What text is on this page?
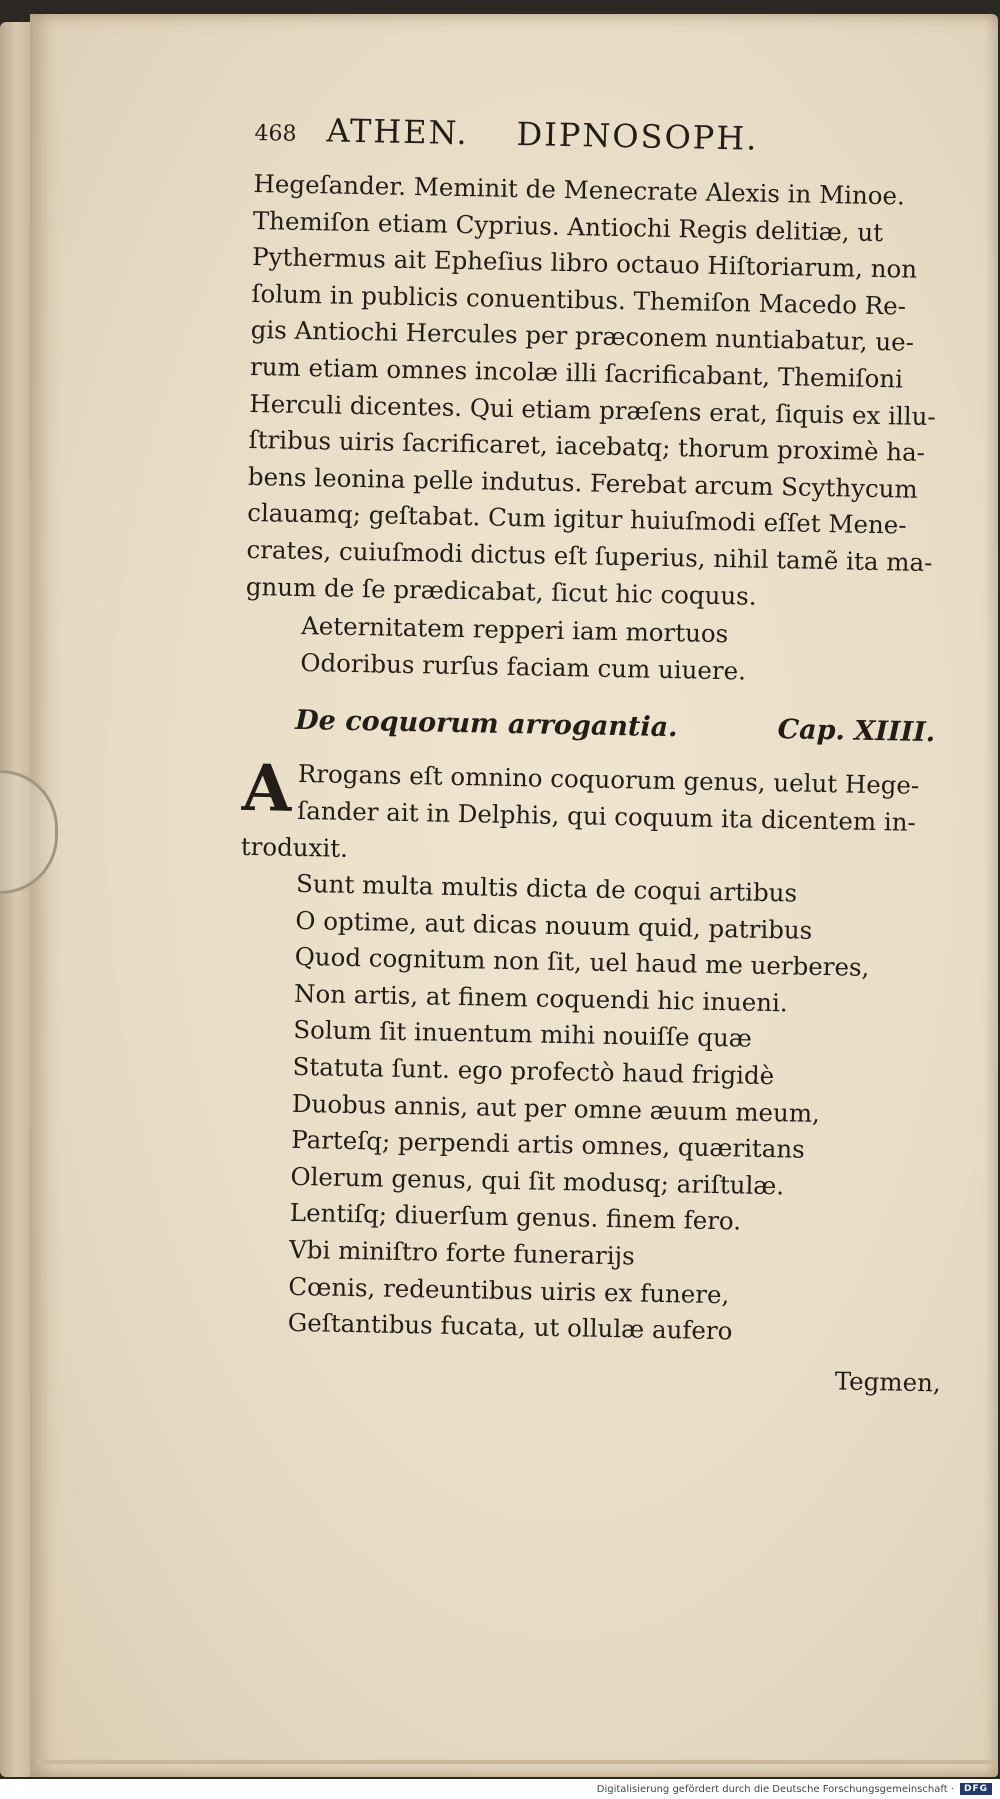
468 ATHEN.	DIPNOSOPH.

Hegeſander. Meminit de Menecrate Alexis in Minoe.

Themiſon etiam Cyprius. Antiochi Regis delitiæ, ut

Pythermus ait Epheſius libro octauo Hiſtoriarum, non

ſolum in publicis conuentibus. Themiſon Macedo Re-

gis Antiochi Hercules per præconem nuntiabatur, ue-

rum etiam omnes incolæ illi ſacrificabant, Themiſoni

Herculi dicentes. Qui etiam præſens erat, ſiquis ex illu-

ſtribus uiris ſacrificaret, iacebatq; thorum proximè ha-

bens leonina pelle indutus. Ferebat arcum Scythycum

clauamq; geſtabat. Cum igitur huiuſmodi eſſet Mene-

crates, cuiuſmodi dictus eſt ſuperius, nihil tamẽ ita ma-

gnum de ſe prædicabat, ſicut hic coquus.

Aeternitatem repperi iam mortuos

Odoribus rurſus faciam cum uiuere.

De coquorum arrogantia.	Cap. XIIII.
A Rrogans eſt omnino coquorum genus, uelut Hege-

ſander ait in Delphis, qui coquum ita dicentem in-

troduxit.

Sunt multa multis dicta de coqui artibus

O optime, aut dicas nouum quid, patribus

Quod cognitum non ſit, uel haud me uerberes,

Non artis, at finem coquendi hic inueni.

Solum ſit inuentum mihi nouiſſe quæ

Statuta ſunt. ego profectò haud frigidè

Duobus annis, aut per omne æuum meum,

Parteſq; perpendi artis omnes, quæritans

Olerum genus, qui ſit modusq; ariſtulæ.

Lentiſq; diuerſum genus. finem fero.

Vbi miniſtro forte funerarijs

Cœnis, redeuntibus uiris ex funere,

Geſtantibus fucata, ut ollulæ aufero

Tegmen,
Digitalisierung gefördert durch die Deutsche Forschungsgemeinschaft ·	DFG
